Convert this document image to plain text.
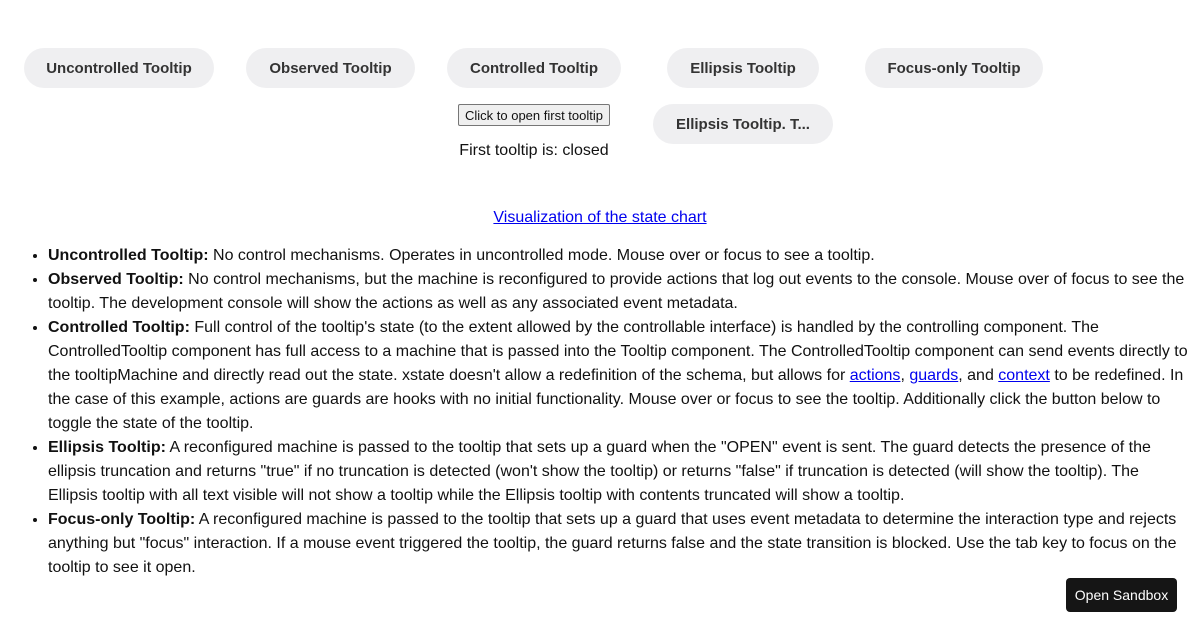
Uncontrolled Tooltip	Observed Tooltip	Controlled Tooltip	Ellipsis Tooltip	Focus-only Tooltip
Ellipsis Tooltip. T...
Click to open first tooltip
First tooltip is: closed
Visualization of the state chart
• Uncontrolled Tooltip: No control mechanisms. Operates in uncontrolled mode. Mouse over or focus to see a tooltip.
• Observed Tooltip: No control mechanisms, but the machine is reconfigured to provide actions that log out events to the console. Mouse over of focus to see the tooltip. The development console will show the actions as well as any associated event metadata.
• Controlled Tooltip: Full control of the tooltip's state (to the extent allowed by the controllable interface) is handled by the controlling component. The ControlledTooltip component has full access to a machine that is passed into the Tooltip component. The ControlledTooltip component can send events directly to the tooltipMachine and directly read out the state. xstate doesn't allow a redefinition of the schema, but allows for actions, guards, and context to be redefined. In the case of this example, actions are guards are hooks with no initial functionality. Mouse over or focus to see the tooltip. Additionally click the button below to toggle the state of the tooltip.
• Ellipsis Tooltip: A reconfigured machine is passed to the tooltip that sets up a guard when the "OPEN" event is sent. The guard detects the presence of the ellipsis truncation and returns "true" if no truncation is detected (won't show the tooltip) or returns "false" if truncation is detected (will show the tooltip). The Ellipsis tooltip with all text visible will not show a tooltip while the Ellipsis tooltip with contents truncated will show a tooltip.
• Focus-only Tooltip: A reconfigured machine is passed to the tooltip that sets up a guard that uses event metadata to determine the interaction type and rejects anything but "focus" interaction. If a mouse event triggered the tooltip, the guard returns false and the state transition is blocked. Use the tab key to focus on the tooltip to see it open.
Open Sandbox
